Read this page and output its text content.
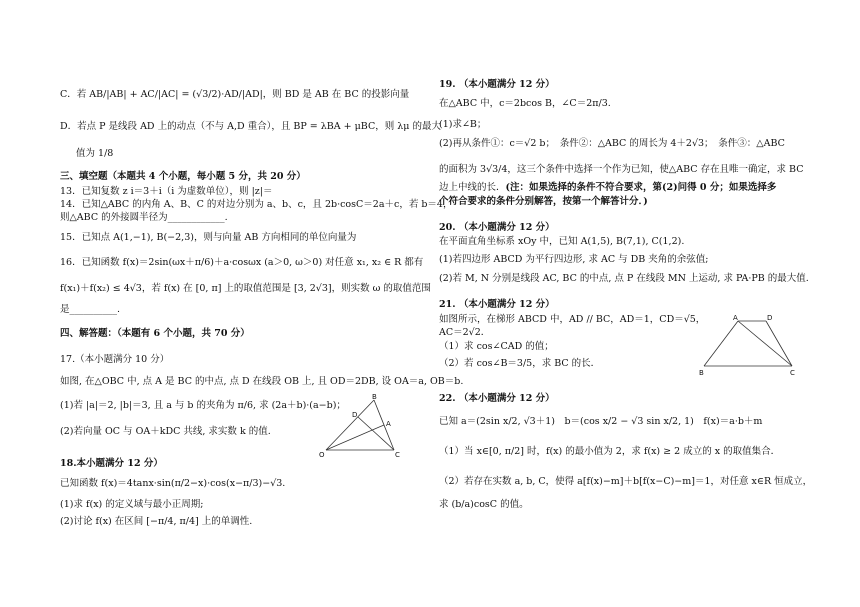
C．若 AB/|AB| + AC/|AC| = (√3/2)·AD/|AD|，则 BD 是 AB 在 BC 的投影向量
D．若点 P 是线段 AD 上的动点（不与 A,D 重合），且 BP = λBA + μBC，则 λμ 的最大
值为 1/8
三、填空题（本题共 4 个小题，每小题 5 分，共 20 分）
13．已知复数 z i＝3＋i（i 为虚数单位），则 |z|＝
14．已知△ABC 的内角 A、B、C 的对边分别为 a、b、c，且 2b·cosC＝2a＋c，若 b＝4，
则△ABC 的外接圆半径为____________.
15．已知点 A(1,−1), B(−2,3)，则与向量 AB 方向相同的单位向量为
16．已知函数 f(x)＝2sin(ωx＋π/6)＋a·cosωx (a＞0, ω＞0) 对任意 x₁, x₂ ∈ R 都有
f(x₁)＋f(x₂) ≤ 4√3，若 f(x) 在 [0, π] 上的取值范围是 [3, 2√3]，则实数 ω 的取值范围
是__________.
四、解答题：（本题有 6 个小题，共 70 分）
17.（本小题满分 10 分）
如图, 在△OBC 中, 点 A 是 BC 的中点, 点 D 在线段 OB 上, 且 OD＝2DB, 设 OA＝a, OB＝b.
(1)若 |a|＝2, |b|＝3, 且 a 与 b 的夹角为 π/6, 求 (2a＋b)·(a−b)；
(2)若向量 OC 与 OA＋kDC 共线, 求实数 k 的值.
18.本小题满分 12 分）
已知函数 f(x)＝4tanx·sin(π/2−x)·cos(x−π/3)−√3.
(1)求 f(x) 的定义域与最小正周期;
(2)讨论 f(x) 在区间 [−π/4, π/4] 上的单调性.
B
A
D
O	C
19. （本小题满分 12 分）
在△ABC 中，c＝2bcos B，∠C＝2π/3.
(1)求∠B；
(2)再从条件①：c＝√2 b；　条件②：△ABC 的周长为 4＋2√3；　条件③：△ABC
的面积为 3√3/4，这三个条件中选择一个作为已知，使△ABC 存在且唯一确定，求 BC
边上中线的长．(注：如果选择的条件不符合要求，第(2)问得 0 分；如果选择多
个符合要求的条件分别解答，按第一个解答计分．)
20. （本小题满分 12 分）
在平面直角坐标系 xOy 中，已知 A(1,5), B(7,1), C(1,2).
(1)若四边形 ABCD 为平行四边形, 求 AC 与 DB 夹角的余弦值;
(2)若 M, N 分别是线段 AC, BC 的中点, 点 P 在线段 MN 上运动, 求 PA·PB 的最大值.
21. （本小题满分 12 分）
如图所示，在梯形 ABCD 中，AD // BC，AD＝1，CD＝√5，
AC＝2√2．
（1）求 cos∠CAD 的值；
（2）若 cos∠B＝3/5，求 BC 的长．
22. （本小题满分 12 分）
已知 a＝(2sin x/2, √3＋1)　b＝(cos x/2 − √3 sin x/2, 1)　f(x)＝a·b＋m
（1）当 x∈[0, π/2] 时，f(x) 的最小值为 2，求 f(x) ≥ 2 成立的 x 的取值集合．
（2）若存在实数 a, b, C，使得 a[f(x)−m]＋b[f(x−C)−m]＝1，对任意 x∈R 恒成立，
求 (b/a)cosC 的值。
A	D
B	C
